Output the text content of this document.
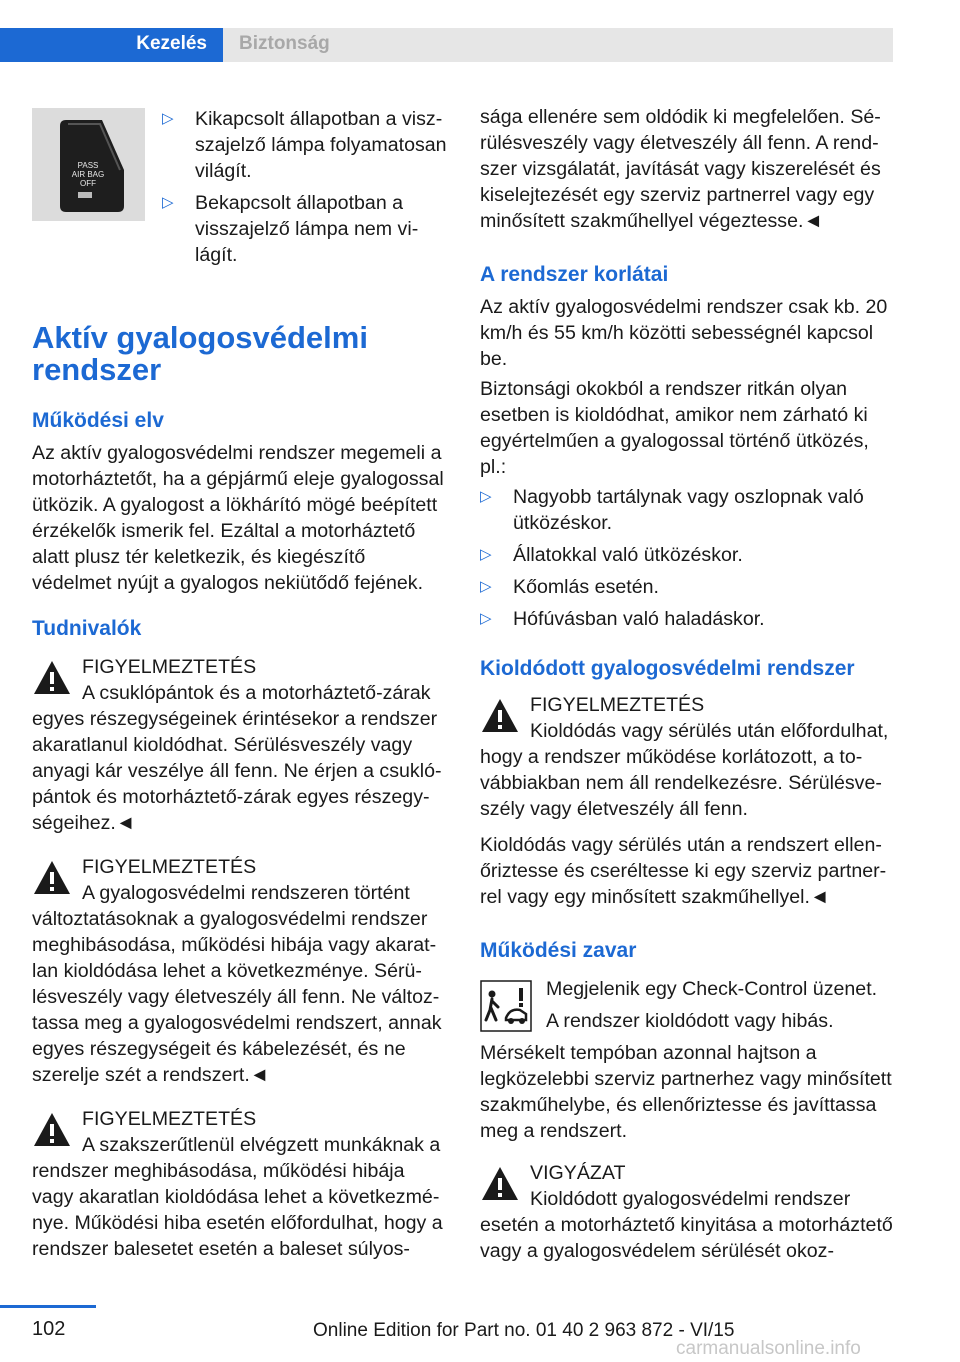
Kezelés	Biztonság
PASS
AIR BAG
OFF
▷ Kikapcsolt állapotban a viszszajelző lámpa folyamatosan világít.
▷ Bekapcsolt állapotban a visszajelző lámpa nem világít.
Aktív gyalogosvédelmi rendszer
Működési elv

Az aktív gyalogosvédelmi rendszer megemeli a motorháztetőt, ha a gépjármű eleje gyalogossal ütközik. A gyalogost a lökhárító mögé beépített érzékelők ismerik fel. Ezáltal a motorháztető alatt plusz tér keletkezik, és kiegészítő védelmet nyújt a gyalogos nekiütődő fejének.

Tudnivalók
FIGYELMEZTETÉS
A csuklópántok és a motorháztető-zárak
egyes részegységeinek érintésekor a rendszer akaratlanul kioldódhat. Sérülésveszély vagy anyagi kár veszélye áll fenn. Ne érjen a csuklópántok és motorháztető-zárak egyes részegységeihez.◄
FIGYELMEZTETÉS
A gyalogosvédelmi rendszeren történt
változtatásoknak a gyalogosvédelmi rendszer meghibásodása, működési hibája vagy akaratlan kioldódása lehet a következménye. Sérülésveszély vagy életveszély áll fenn. Ne változtassa meg a gyalogosvédelmi rendszert, annak egyes részegységeit és kábelezését, és ne szerelje szét a rendszert.◄
FIGYELMEZTETÉS
A szakszerűtlenül elvégzett munkáknak a
rendszer meghibásodása, működési hibája vagy akaratlan kioldódása lehet a következménye. Működési hiba esetén előfordulhat, hogy a rendszer balesetet esetén a baleset súlyos-

sága ellenére sem oldódik ki megfelelően. Sérülésveszély vagy életveszély áll fenn. A rendszer vizsgálatát, javítását vagy kiszerelését és kiselejtezését egy szerviz partnerrel vagy egy minősített szakműhellyel végeztesse.◄

A rendszer korlátai

Az aktív gyalogosvédelmi rendszer csak kb. 20 km/h és 55 km/h közötti sebességnél kapcsol be.

Biztonsági okokból a rendszer ritkán olyan esetben is kioldódhat, amikor nem zárható ki egyértelműen a gyalogossal történő ütközés, pl.:

▷ Nagyobb tartálynak vagy oszlopnak való ütközéskor.
▷ Állatokkal való ütközéskor.
▷ Kőomlás esetén.
▷ Hófúvásban való haladáskor.
Kioldódott gyalogosvédelmi rendszer
FIGYELMEZTETÉS
Kioldódás vagy sérülés után előfordulhat,
hogy a rendszer működése korlátozott, a továbbiakban nem áll rendelkezésre. Sérülésveszély vagy életveszély áll fenn.

Kioldódás vagy sérülés után a rendszert ellenőriztesse és cseréltesse ki egy szerviz partnerrel vagy egy minősített szakműhellyel.◄

Működési zavar
Megjelenik egy Check-Control üzenet.
A rendszer kioldódott vagy hibás.
Mérsékelt tempóban azonnal hajtson a
legközelebbi szerviz partnerhez vagy minősített szakműhelybe, és ellenőriztesse és javíttassa meg a rendszert.
VIGYÁZAT
Kioldódott gyalogosvédelmi rendszer
esetén a motorháztető kinyitása a motorháztető vagy a gyalogosvédelem sérülését okoz-
102	Online Edition for Part no. 01 40 2 963 872 - VI/15
carmanualsonline.info
